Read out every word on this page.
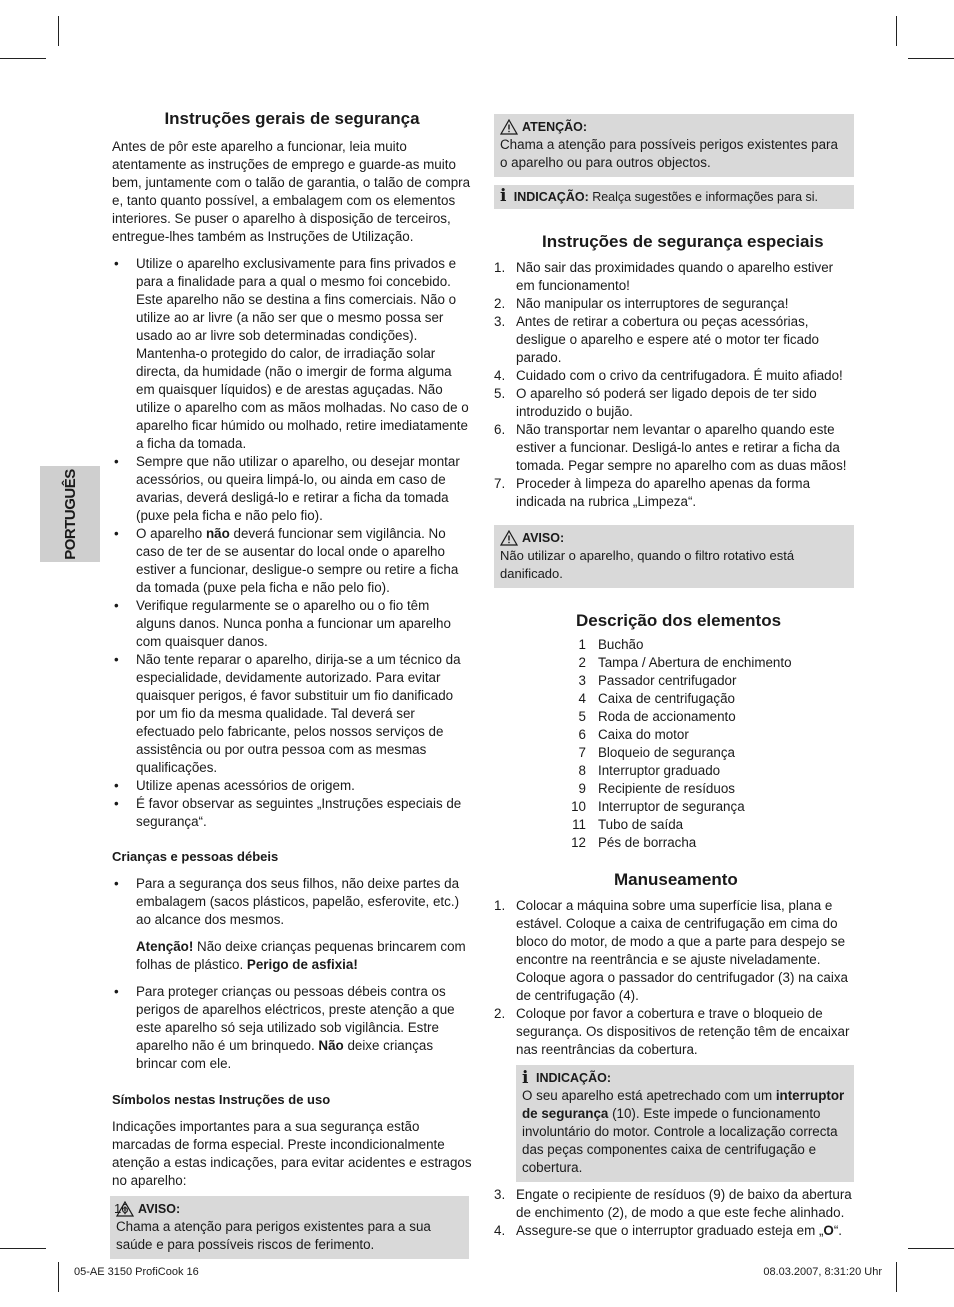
PORTUGUÊS
Instruções gerais de segurança

Antes de pôr este aparelho a funcionar, leia muito atentamente as instruções de emprego e guarde-as muito bem, juntamente com o talão de garantia, o talão de compra e, tanto quanto possível, a embalagem com os elementos interiores. Se puser o aparelho à disposição de terceiros, entregue-lhes também as Instruções de Utilização.

• Utilize o aparelho exclusivamente para fins privados e para a finalidade para a qual o mesmo foi concebido. Este aparelho não se destina a fins comerciais. Não o utilize ao ar livre (a não ser que o mesmo possa ser usado ao ar livre sob determinadas condições). Mantenha-o protegido do calor, de irradiação solar directa, da humidade (não o imergir de forma alguma em quaisquer líquidos) e de arestas aguçadas. Não utilize o aparelho com as mãos molhadas. No caso de o aparelho ficar húmido ou molhado, retire imediatamente a ficha da tomada.
• Sempre que não utilizar o aparelho, ou desejar montar acessórios, ou queira limpá-lo, ou ainda em caso de avarias, deverá desligá-lo e retirar a ficha da tomada (puxe pela ficha e não pelo fio).
• O aparelho não deverá funcionar sem vigilância. No caso de ter de se ausentar do local onde o aparelho estiver a funcionar, desligue-o sempre ou retire a ficha da tomada (puxe pela ficha e não pelo fio).
• Verifique regularmente se o aparelho ou o fio têm alguns danos. Nunca ponha a funcionar um aparelho com quaisquer danos.
• Não tente reparar o aparelho, dirija-se a um técnico da especialidade, devidamente autorizado. Para evitar quaisquer perigos, é favor substituir um fio danificado por um fio da mesma qualidade. Tal deverá ser efectuado pelo fabricante, pelos nossos serviços de assistência ou por outra pessoa com as mesmas qualificações.
• Utilize apenas acessórios de origem.
• É favor observar as seguintes „Instruções especiais de segurança“.

Crianças e pessoas débeis

• Para a segurança dos seus filhos, não deixe partes da embalagem (sacos plásticos, papelão, esferovite, etc.) ao alcance dos mesmos.
Atenção! Não deixe crianças pequenas brincarem com folhas de plástico. Perigo de asfixia!
• Para proteger crianças ou pessoas débeis contra os perigos de aparelhos eléctricos, preste atenção a que este aparelho só seja utilizado sob vigilância. Estre aparelho não é um brinquedo. Não deixe crianças brincar com ele.

Símbolos nestas Instruções de uso

Indicações importantes para a sua segurança estão marcadas de forma especial. Preste incondicionalmente atenção a estas indicações, para evitar acidentes e estragos no aparelho:

AVISO:

Chama a atenção para perigos existentes para a sua saúde e para possíveis riscos de ferimento.

ATENÇÃO:

Chama a atenção para possíveis perigos existentes para o aparelho ou para outros objectos.

i INDICAÇÃO: Realça sugestões e informações para si.
Instruções de segurança especiais
1. Não sair das proximidades quando o aparelho estiver em funcionamento!
2. Não manipular os interruptores de segurança!
3. Antes de retirar a cobertura ou peças acessórias, desligue o aparelho e espere até o motor ter ficado parado.
4. Cuidado com o crivo da centrifugadora. É muito afiado!
5. O aparelho só poderá ser ligado depois de ter sido introduzido o bujão.
6. Não transportar nem levantar o aparelho quando este estiver a funcionar. Desligá-lo antes e retirar a ficha da tomada. Pegar sempre no aparelho com as duas mãos!
7. Proceder à limpeza do aparelho apenas da forma indicada na rubrica „Limpeza“.
AVISO:

Não utilizar o aparelho, quando o filtro rotativo está danificado.

Descrição dos elementos
1 Buchão
2 Tampa / Abertura de enchimento
3 Passador centrifugador
4 Caixa de centrifugação
5 Roda de accionamento
6 Caixa do motor
7 Bloqueio de segurança
8 Interruptor graduado
9 Recipiente de resíduos
10 Interruptor de segurança
11 Tubo de saída
12 Pés de borracha
Manuseamento
1. Colocar a máquina sobre uma superfície lisa, plana e estável. Coloque a caixa de centrifugação em cima do bloco do motor, de modo a que a parte para despejo se encontre na reentrância e se ajuste niveladamente. Coloque agora o passador do centrifugador (3) na caixa de centrifugação (4).
2. Coloque por favor a cobertura e trave o bloqueio de segurança. Os dispositivos de retenção têm de encaixar nas reentrâncias da cobertura.
i INDICAÇÃO:

O seu aparelho está apetrechado com um interruptor de segurança (10). Este impede o funcionamento involuntário do motor. Controle a localização correcta das peças componentes caixa de centrifugação e cobertura.

3. Engate o recipiente de resíduos (9) de baixo da abertura de enchimento (2), de modo a que este feche alinhado.
4. Assegure-se que o interruptor graduado esteja em „O“.
16
05-AE 3150 ProfiCook 16	08.03.2007, 8:31:20 Uhr
